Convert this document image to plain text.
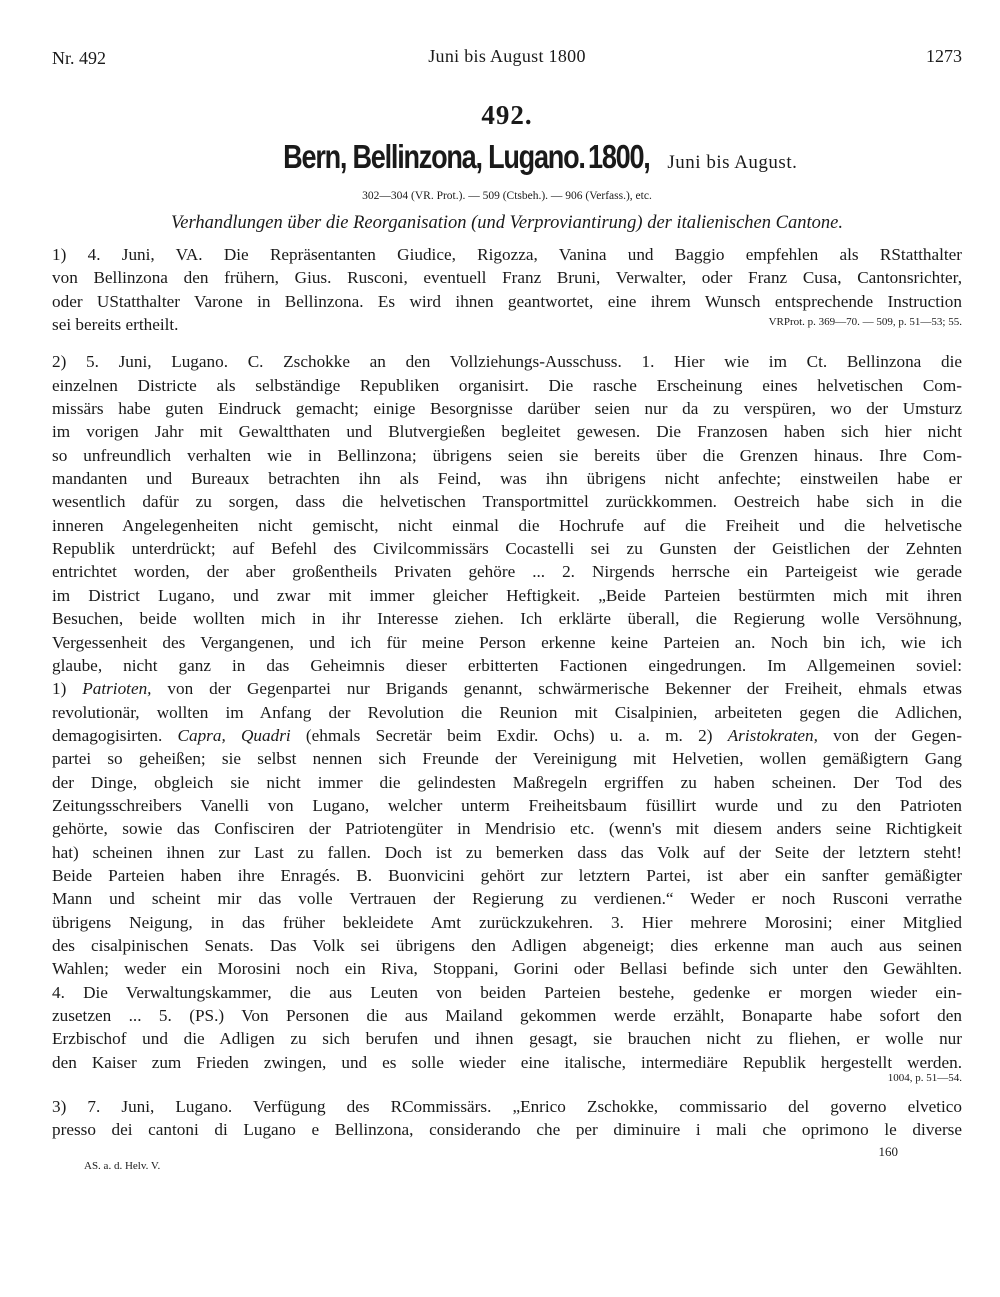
Nr. 492	Juni bis August 1800	1273
492.
Bern, Bellinzona, Lugano. 1800, Juni bis August.
302—304 (VR. Prot.). — 509 (Ctsbeh.). — 906 (Verfass.), etc.
Verhandlungen über die Reorganisation (und Verproviantirung) der italienischen Cantone.
1) 4. Juni, VA. Die Repräsentanten Giudice, Rigozza, Vanina und Baggio empfehlen als RStatthalter
von Bellinzona den frühern, Gius. Rusconi, eventuell Franz Bruni, Verwalter, oder Franz Cusa, Cantonsrichter,
oder UStatthalter Varone in Bellinzona. Es wird ihnen geantwortet, eine ihrem Wunsch entsprechende Instruction
sei bereits ertheilt.	VRProt. p. 369—70. — 509, p. 51—53; 55.
2) 5. Juni, Lugano. C. Zschokke an den Vollziehungs-Ausschuss. 1. Hier wie im Ct. Bellinzona die
einzelnen Districte als selbständige Republiken organisirt. Die rasche Erscheinung eines helvetischen Com-
missärs habe guten Eindruck gemacht; einige Besorgnisse darüber seien nur da zu verspüren, wo der Umsturz
im vorigen Jahr mit Gewaltthaten und Blutvergießen begleitet gewesen. Die Franzosen haben sich hier nicht
so unfreundlich verhalten wie in Bellinzona; übrigens seien sie bereits über die Grenzen hinaus. Ihre Com-
mandanten und Bureaux betrachten ihn als Feind, was ihn übrigens nicht anfechte; einstweilen habe er
wesentlich dafür zu sorgen, dass die helvetischen Transportmittel zurückkommen. Oestreich habe sich in die
inneren Angelegenheiten nicht gemischt, nicht einmal die Hochrufe auf die Freiheit und die helvetische
Republik unterdrückt; auf Befehl des Civilcommissärs Cocastelli sei zu Gunsten der Geistlichen der Zehnten
entrichtet worden, der aber großentheils Privaten gehöre ... 2. Nirgends herrsche ein Parteigeist wie gerade
im District Lugano, und zwar mit immer gleicher Heftigkeit. „Beide Parteien bestürmten mich mit ihren
Besuchen, beide wollten mich in ihr Interesse ziehen. Ich erklärte überall, die Regierung wolle Versöhnung,
Vergessenheit des Vergangenen, und ich für meine Person erkenne keine Parteien an. Noch bin ich, wie ich
glaube, nicht ganz in das Geheimnis dieser erbitterten Factionen eingedrungen. Im Allgemeinen soviel:
1) Patrioten, von der Gegenpartei nur Brigands genannt, schwärmerische Bekenner der Freiheit, ehmals etwas
revolutionär, wollten im Anfang der Revolution die Reunion mit Cisalpinien, arbeiteten gegen die Adlichen,
demagogisirten. Capra, Quadri (ehmals Secretär beim Exdir. Ochs) u. a. m. 2) Aristokraten, von der Gegen-
partei so geheißen; sie selbst nennen sich Freunde der Vereinigung mit Helvetien, wollen gemäßigtern Gang
der Dinge, obgleich sie nicht immer die gelindesten Maßregeln ergriffen zu haben scheinen. Der Tod des
Zeitungsschreibers Vanelli von Lugano, welcher unterm Freiheitsbaum füsillirt wurde und zu den Patrioten
gehörte, sowie das Confisciren der Patriotengüter in Mendrisio etc. (wenn's mit diesem anders seine Richtigkeit
hat) scheinen ihnen zur Last zu fallen. Doch ist zu bemerken dass das Volk auf der Seite der letztern steht!
Beide Parteien haben ihre Enragés. B. Buonvicini gehört zur letztern Partei, ist aber ein sanfter gemäßigter
Mann und scheint mir das volle Vertrauen der Regierung zu verdienen.“ Weder er noch Rusconi verrathe
übrigens Neigung, in das früher bekleidete Amt zurückzukehren. 3. Hier mehrere Morosini; einer Mitglied
des cisalpinischen Senats. Das Volk sei übrigens den Adligen abgeneigt; dies erkenne man auch aus seinen
Wahlen; weder ein Morosini noch ein Riva, Stoppani, Gorini oder Bellasi befinde sich unter den Gewählten.
4. Die Verwaltungskammer, die aus Leuten von beiden Parteien bestehe, gedenke er morgen wieder ein-
zusetzen ... 5. (PS.) Von Personen die aus Mailand gekommen werde erzählt, Bonaparte habe sofort den
Erzbischof und die Adligen zu sich berufen und ihnen gesagt, sie brauchen nicht zu fliehen, er wolle nur
den Kaiser zum Frieden zwingen, und es solle wieder eine italische, intermediäre Republik hergestellt werden.
1004, p. 51—54.
3) 7. Juni, Lugano. Verfügung des RCommissärs. „Enrico Zschokke, commissario del governo elvetico
presso dei cantoni di Lugano e Bellinzona, considerando che per diminuire i mali che oprimono le diverse
AS. a. d. Helv. V.
160
